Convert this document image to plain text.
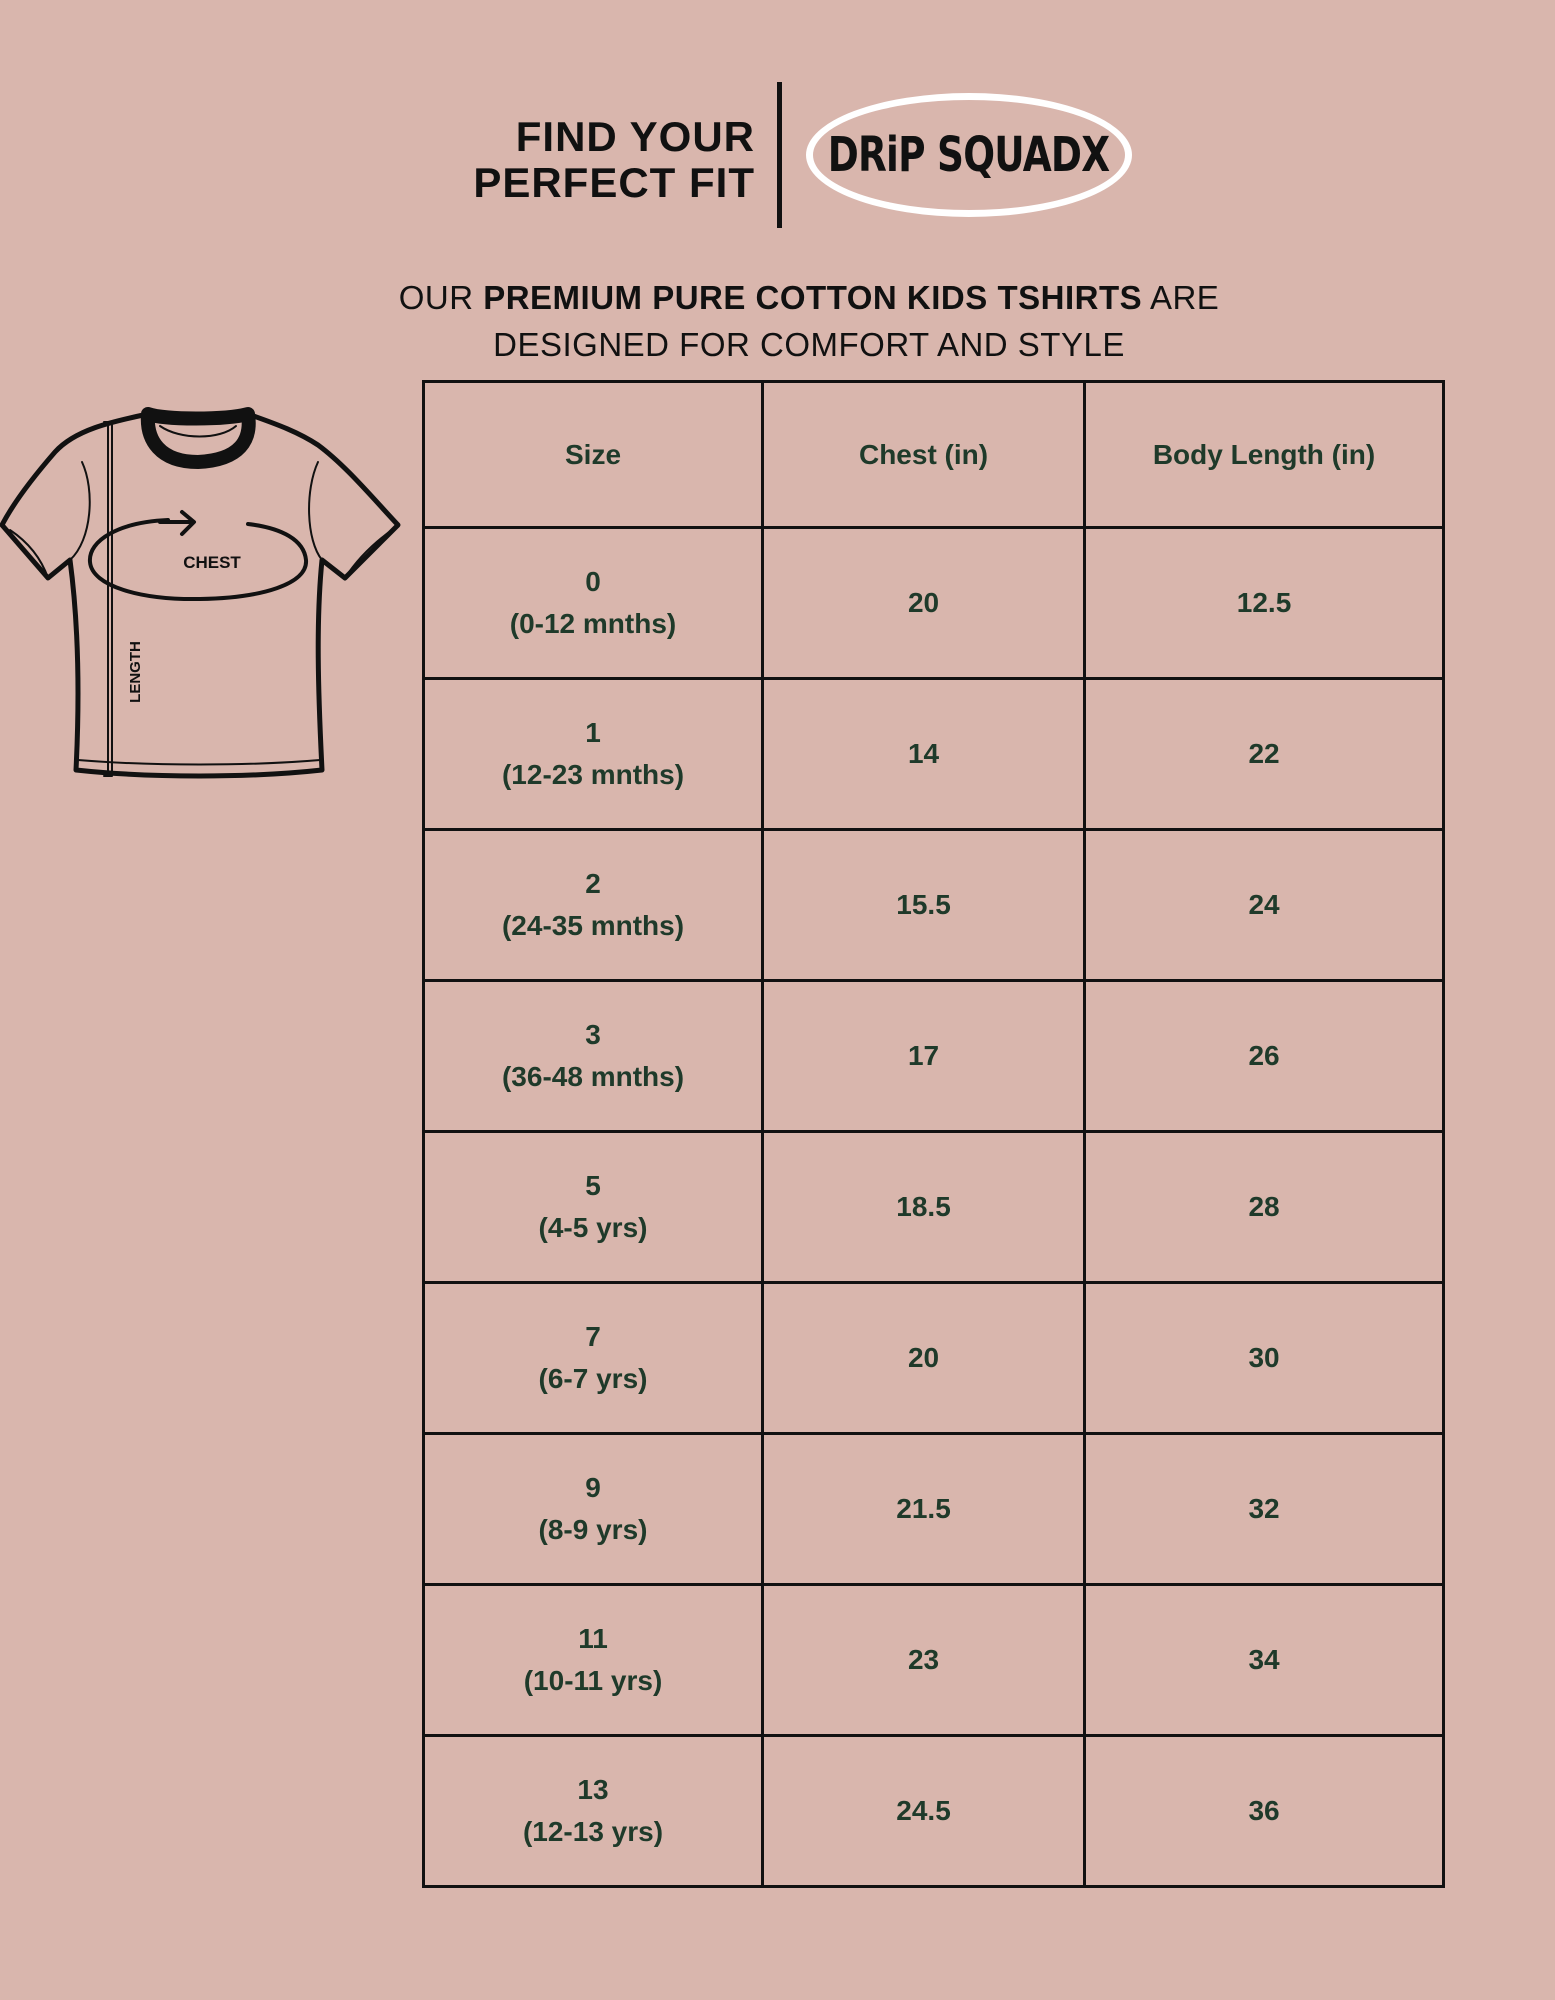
FIND YOUR
PERFECT FIT DRiP SQUADX
OUR PREMIUM PURE COTTON KIDS TSHIRTS ARE
DESIGNED FOR COMFORT AND STYLE
CHEST
LENGTH
Size	Chest (in)	Body Length (in)

0
(0-12 mnths)	20	12.5

1
(12-23 mnths)	14	22

2
(24-35 mnths)	15.5	24

3
(36-48 mnths)	17	26

5
(4-5 yrs)	18.5	28

7
(6-7 yrs)	20	30

9
(8-9 yrs)	21.5	32

11
(10-11 yrs)	23	34

13
(12-13 yrs)	24.5	36
